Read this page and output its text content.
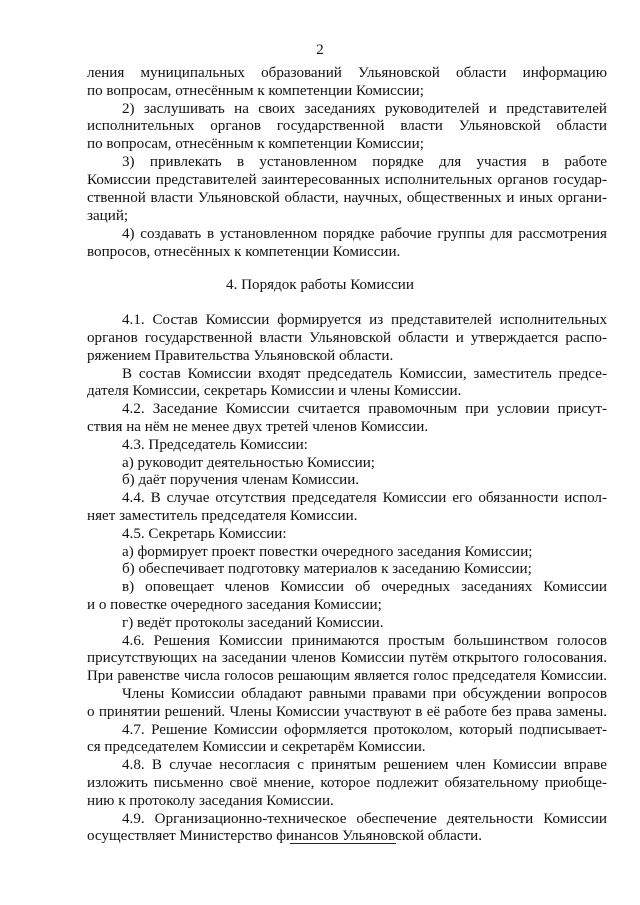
2
ления муниципальных образований Ульяновской области информацию
по вопросам, отнесённым к компетенции Комиссии;
2) заслушивать на своих заседаниях руководителей и представителей
исполнительных органов государственной власти Ульяновской области
по вопросам, отнесённым к компетенции Комиссии;
3) привлекать в установленном порядке для участия в работе
Комиссии представителей заинтересованных исполнительных органов государ-
ственной власти Ульяновской области, научных, общественных и иных органи-
заций;
4) создавать в установленном порядке рабочие группы для рассмотрения
вопросов, отнесённых к компетенции Комиссии.
4. Порядок работы Комиссии
4.1. Состав Комиссии формируется из представителей исполнительных
органов государственной власти Ульяновской области и утверждается распо-
ряжением Правительства Ульяновской области.
В состав Комиссии входят председатель Комиссии, заместитель предсе-
дателя Комиссии, секретарь Комиссии и члены Комиссии.
4.2. Заседание Комиссии считается правомочным при условии присут-
ствия на нём не менее двух третей членов Комиссии.
4.3. Председатель Комиссии:
а) руководит деятельностью Комиссии;
б) даёт поручения членам Комиссии.
4.4. В случае отсутствия председателя Комиссии его обязанности испол-
няет заместитель председателя Комиссии.
4.5. Секретарь Комиссии:
а) формирует проект повестки очередного заседания Комиссии;
б) обеспечивает подготовку материалов к заседанию Комиссии;
в) оповещает членов Комиссии об очередных заседаниях Комиссии
и о повестке очередного заседания Комиссии;
г) ведёт протоколы заседаний Комиссии.
4.6. Решения Комиссии принимаются простым большинством голосов
присутствующих на заседании членов Комиссии путём открытого голосования.
При равенстве числа голосов решающим является голос председателя Комиссии.
Члены Комиссии обладают равными правами при обсуждении вопросов
о принятии решений. Члены Комиссии участвуют в её работе без права замены.
4.7. Решение Комиссии оформляется протоколом, который подписывает-
ся председателем Комиссии и секретарём Комиссии.
4.8. В случае несогласия с принятым решением член Комиссии вправе
изложить письменно своё мнение, которое подлежит обязательному приобще-
нию к протоколу заседания Комиссии.
4.9. Организационно-техническое обеспечение деятельности Комиссии
осуществляет Министерство финансов Ульяновской области.
